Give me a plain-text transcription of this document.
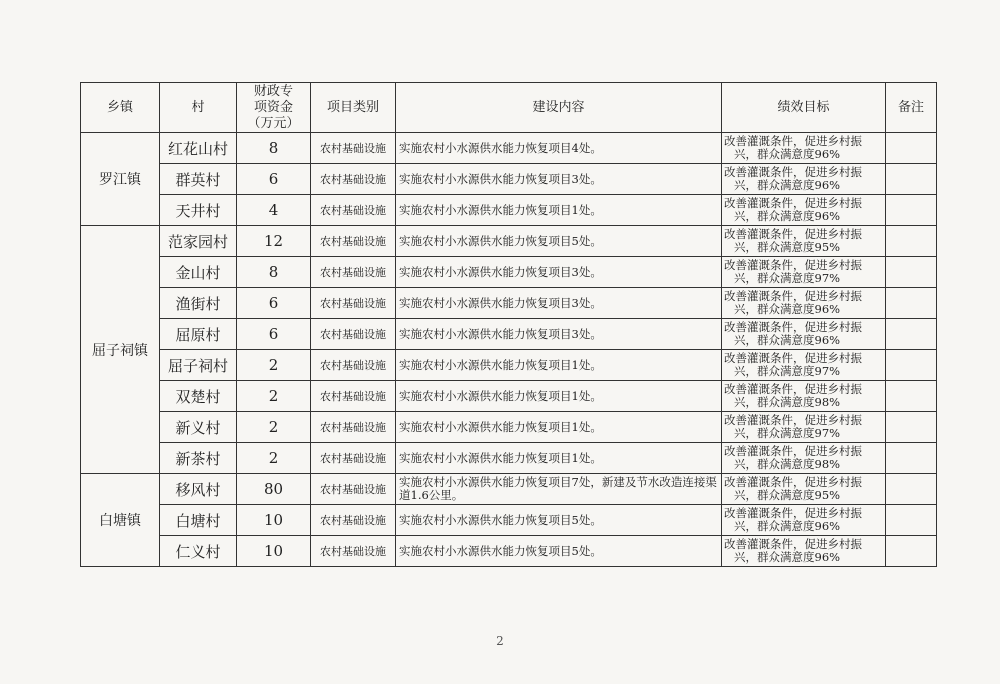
乡镇	村	财政专
项资金
（万元）	项目类别	建设内容	绩效目标	备注
罗江镇	红花山村	8	农村基础设施	实施农村小水源供水能力恢复项目4处。	改善灌溉条件，促进乡村振
兴，群众满意度96%	

	群英村	6	农村基础设施	实施农村小水源供水能力恢复项目3处。	改善灌溉条件，促进乡村振
兴，群众满意度96%	

	天井村	4	农村基础设施	实施农村小水源供水能力恢复项目1处。	改善灌溉条件，促进乡村振
兴，群众满意度96%	

屈子祠镇	范家园村	12	农村基础设施	实施农村小水源供水能力恢复项目5处。	改善灌溉条件，促进乡村振
兴，群众满意度95%	

	金山村	8	农村基础设施	实施农村小水源供水能力恢复项目3处。	改善灌溉条件，促进乡村振
兴，群众满意度97%	

	渔街村	6	农村基础设施	实施农村小水源供水能力恢复项目3处。	改善灌溉条件，促进乡村振
兴，群众满意度96%	

	屈原村	6	农村基础设施	实施农村小水源供水能力恢复项目3处。	改善灌溉条件，促进乡村振
兴，群众满意度96%	

	屈子祠村	2	农村基础设施	实施农村小水源供水能力恢复项目1处。	改善灌溉条件，促进乡村振
兴，群众满意度97%	

	双楚村	2	农村基础设施	实施农村小水源供水能力恢复项目1处。	改善灌溉条件，促进乡村振
兴，群众满意度98%	

	新义村	2	农村基础设施	实施农村小水源供水能力恢复项目1处。	改善灌溉条件，促进乡村振
兴，群众满意度97%	

	新茶村	2	农村基础设施	实施农村小水源供水能力恢复项目1处。	改善灌溉条件，促进乡村振
兴，群众满意度98%	

白塘镇	移风村	80	农村基础设施	实施农村小水源供水能力恢复项目7处，新建及节水改造连接渠道1.6公里。	改善灌溉条件，促进乡村振
兴，群众满意度95%	

	白塘村	10	农村基础设施	实施农村小水源供水能力恢复项目5处。	改善灌溉条件，促进乡村振
兴，群众满意度96%	

	仁义村	10	农村基础设施	实施农村小水源供水能力恢复项目5处。	改善灌溉条件，促进乡村振
兴，群众满意度96%	

2
